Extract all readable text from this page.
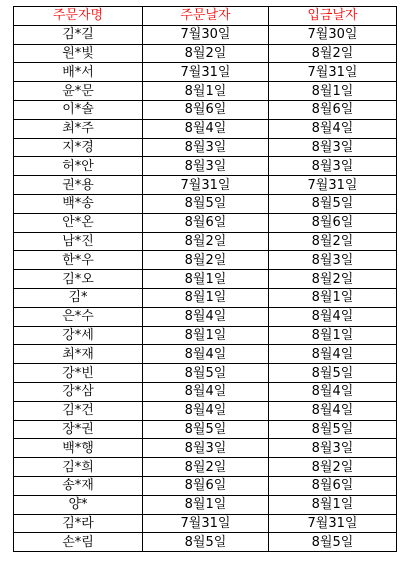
주문자명	주문날자	입금날자
김*길	7월30일	7월30일
원*빛	8월2일	8월2일
배*서	7월31일	7월31일
윤*문	8월1일	8월1일
이*솔	8월6일	8월6일
최*주	8월4일	8월4일
지*경	8월3일	8월3일
허*안	8월3일	8월3일
권*용	7월31일	7월31일
백*송	8월5일	8월5일
안*온	8월6일	8월6일
남*진	8월2일	8월2일
한*우	8월2일	8월3일
김*오	8월1일	8월2일
김*	8월1일	8월1일
은*수	8월4일	8월4일
강*세	8월1일	8월1일
최*재	8월4일	8월4일
강*빈	8월5일	8월5일
강*삼	8월4일	8월4일
김*건	8월4일	8월4일
장*권	8월5일	8월5일
백*행	8월3일	8월3일
김*희	8월2일	8월2일
송*재	8월6일	8월6일
양*	8월1일	8월1일
김*라	7월31일	7월31일
손*림	8월5일	8월5일
